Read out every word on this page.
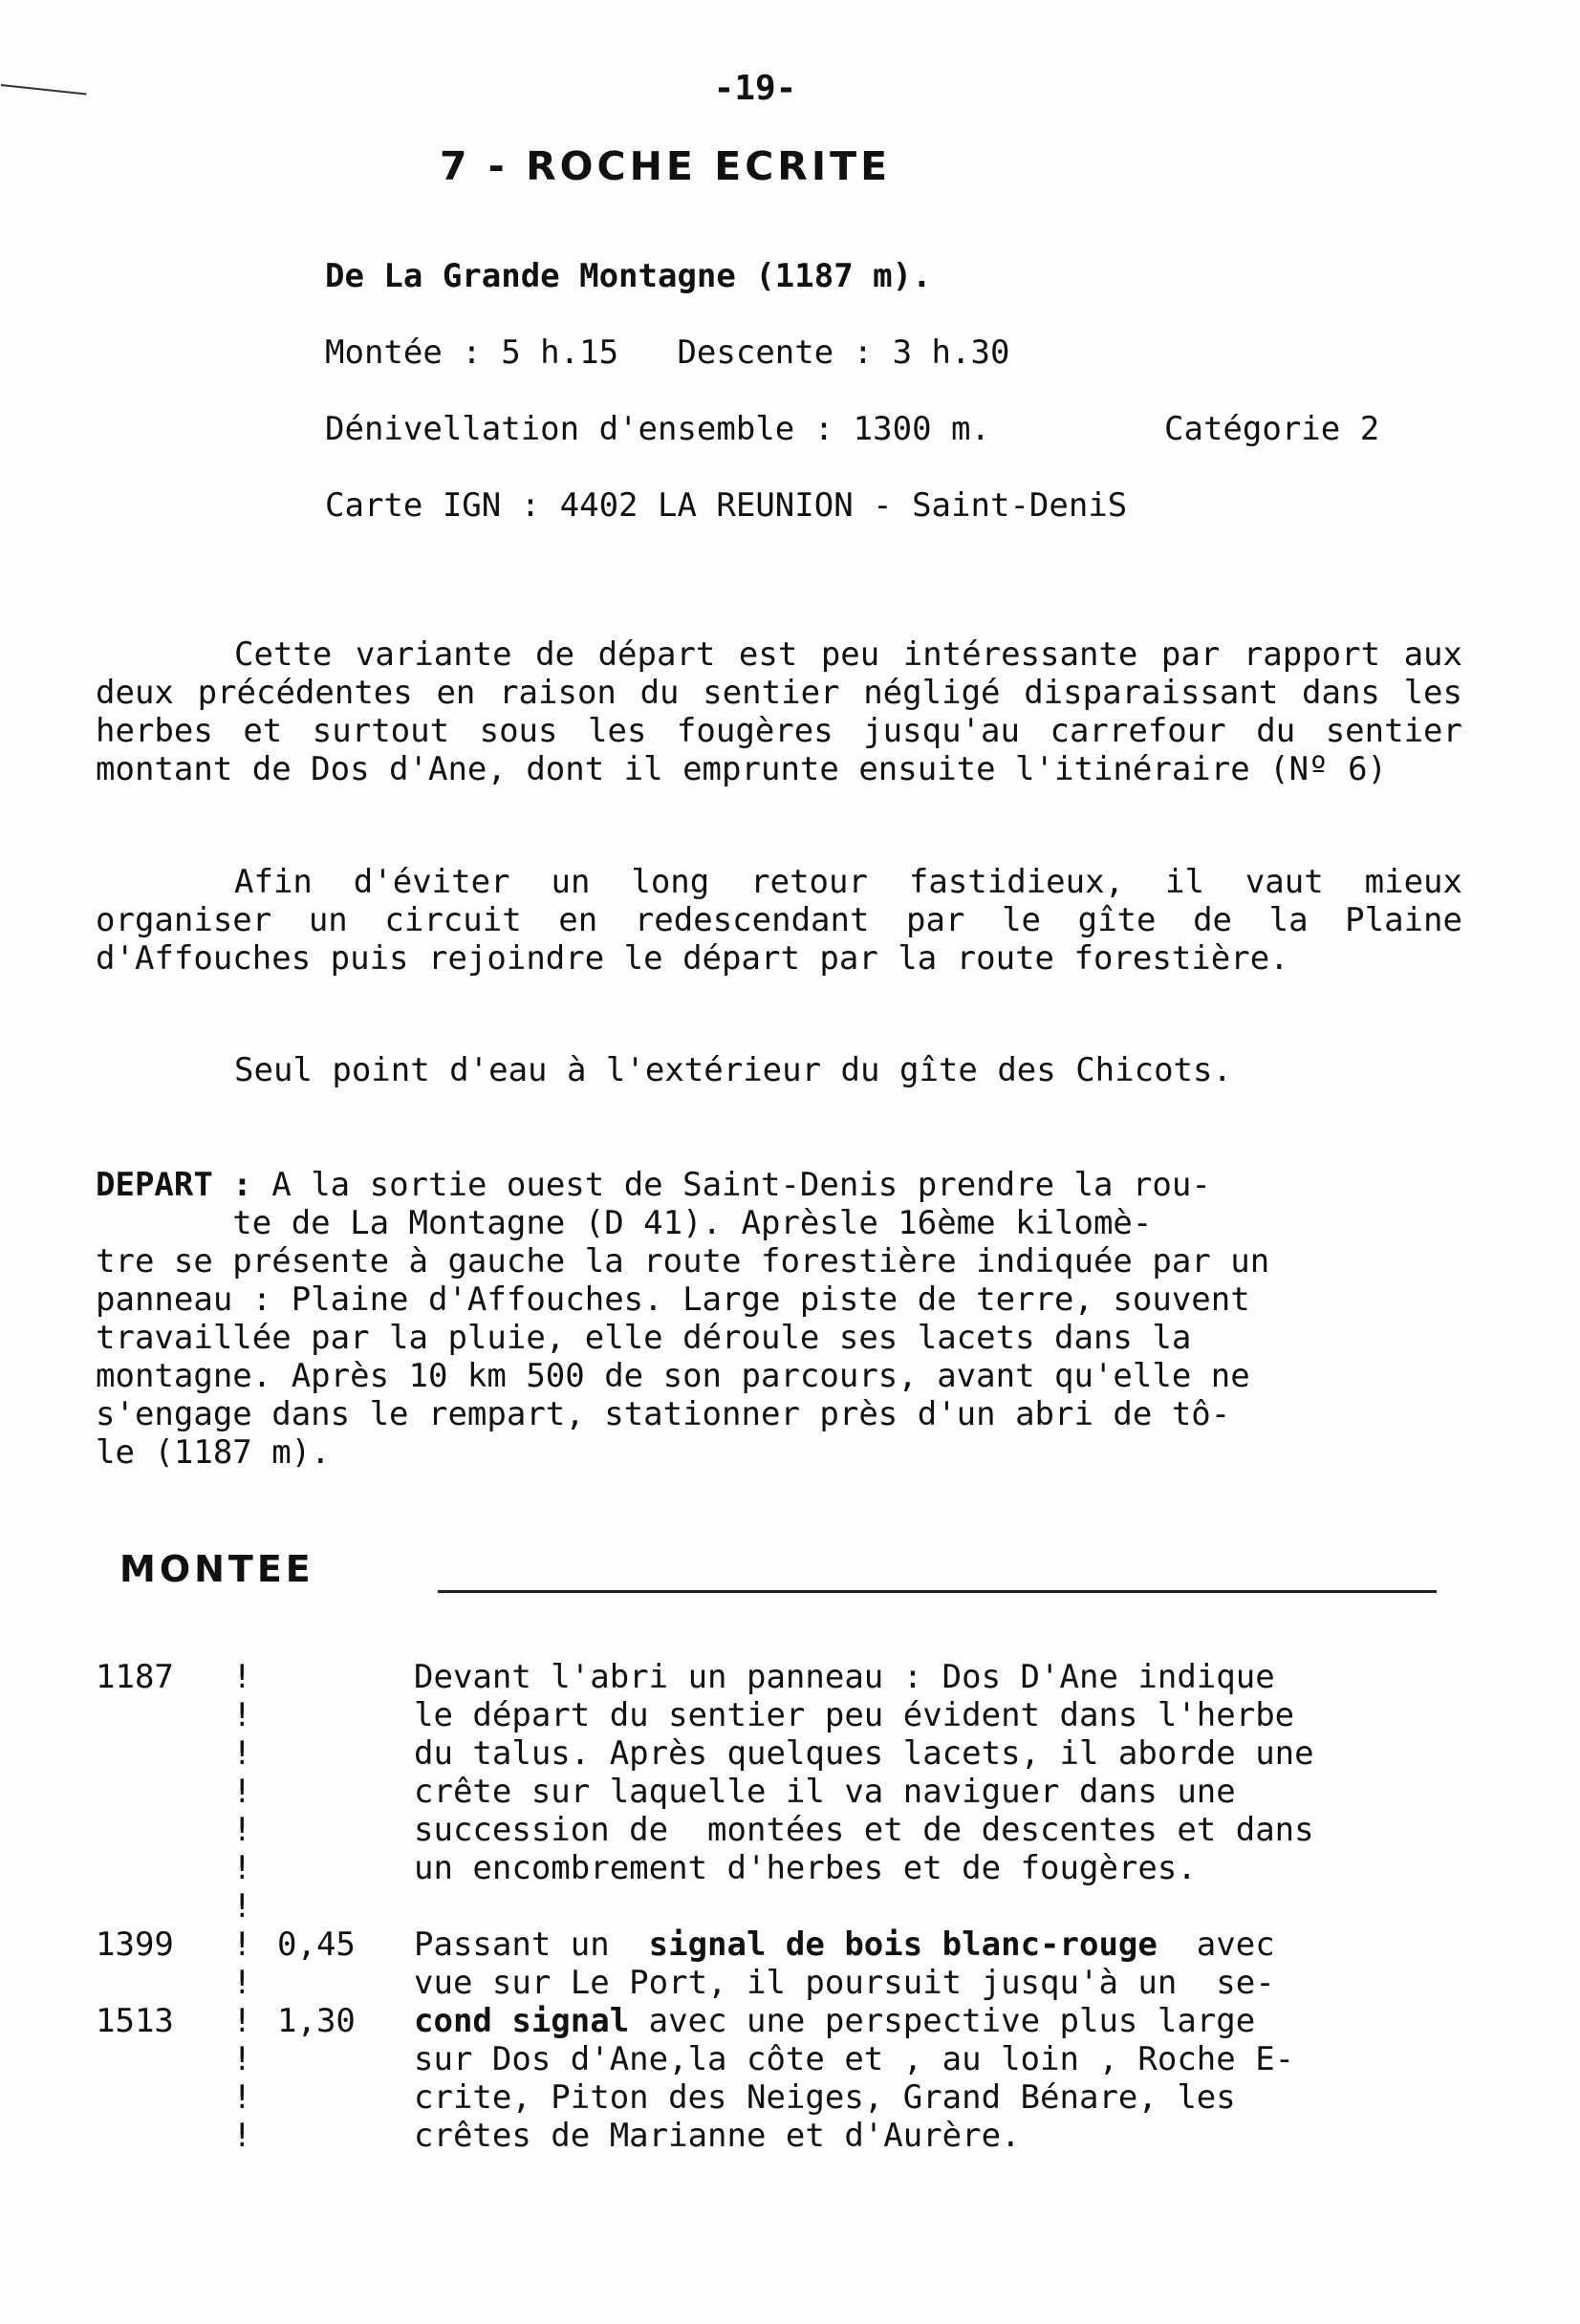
-19-
7 - ROCHE ECRITE
De La Grande Montagne (1187 m).
Montée : 5 h.15   Descente : 3 h.30
Dénivellation d'ensemble : 1300 m.	Catégorie 2
Carte IGN : 4402 LA REUNION - Saint-DeniS

Cette variante de départ est peu intéressante par rapport aux deux précédentes en raison du sentier négligé disparaissant dans les herbes et surtout sous les fougères jusqu'au carrefour du sentier montant de Dos d'Ane, dont il emprunte ensuite l'itinéraire (Nº 6)

Afin d'éviter un long retour fastidieux, il vaut mieux organiser un circuit en redescendant par le gîte de la Plaine d'Affouches puis rejoindre le départ par la route forestière.

Seul point d'eau à l'extérieur du gîte des Chicots.

DEPART : A la sortie ouest de Saint-Denis prendre la rou-
te de La Montagne (D 41). Aprèsle 16ème kilomè-
tre se présente à gauche la route forestière indiquée par un
panneau : Plaine d'Affouches. Large piste de terre, souvent
travaillée par la pluie, elle déroule ses lacets dans la
montagne. Après 10 km 500 de son parcours, avant qu'elle ne
s'engage dans le rempart, stationner près d'un abri de tô-
le (1187 m).
MONTEE
1187 !	Devant l'abri un panneau : Dos D'Ane indique
!	le départ du sentier peu évident dans l'herbe
!	du talus. Après quelques lacets, il aborde une
!	crête sur laquelle il va naviguer dans une
!	succession de  montées et de descentes et dans
!	un encombrement d'herbes et de fougères.
!

1399 ! 0,45 Passant un  signal de bois blanc-rouge  avec
!	vue sur Le Port, il poursuit jusqu'à un  se-
1513 ! 1,30 cond signal avec une perspective plus large
!	sur Dos d'Ane,la côte et , au loin , Roche E-
!	crite, Piton des Neiges, Grand Bénare, les
!	crêtes de Marianne et d'Aurère.
